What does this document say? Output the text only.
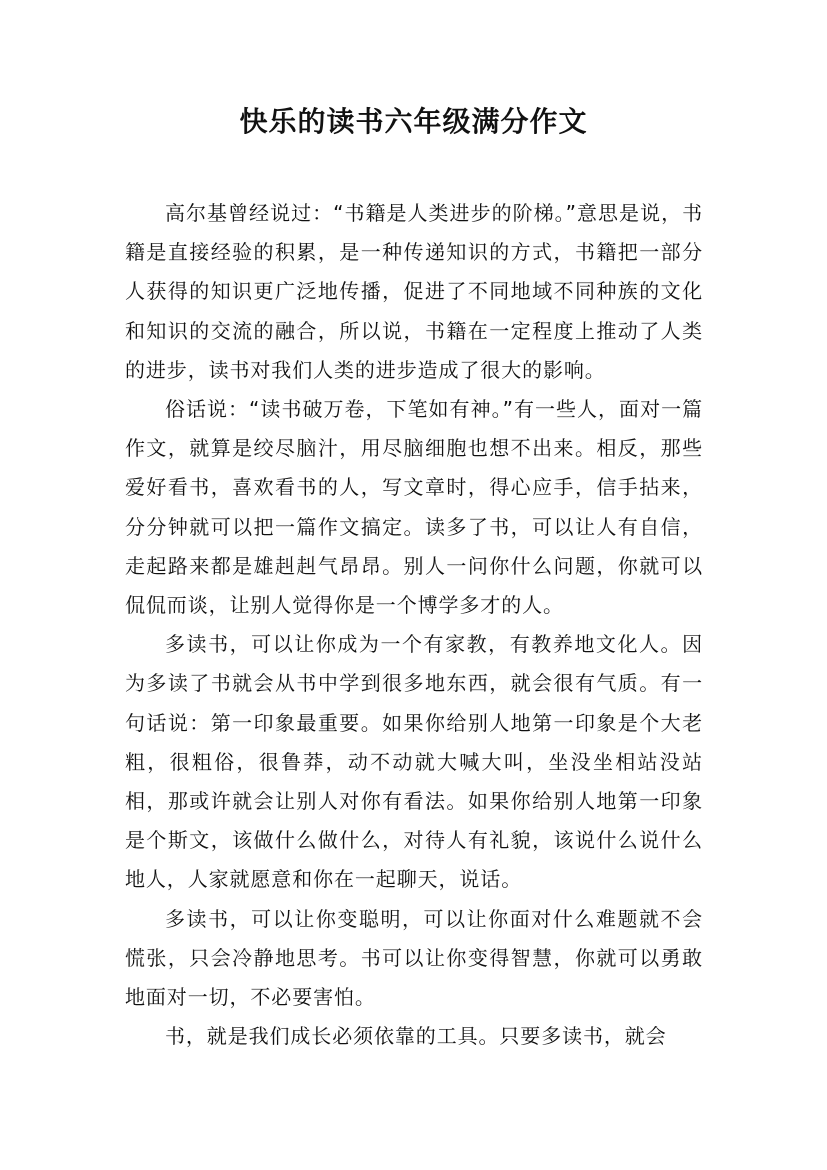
快乐的读书六年级满分作文

高尔基曾经说过：“书籍是人类进步的阶梯。”意思是说，书籍是直接经验的积累，是一种传递知识的方式，书籍把一部分人获得的知识更广泛地传播，促进了不同地域不同种族的文化和知识的交流的融合，所以说，书籍在一定程度上推动了人类的进步，读书对我们人类的进步造成了很大的影响。

俗话说：“读书破万卷，下笔如有神。”有一些人，面对一篇作文，就算是绞尽脑汁，用尽脑细胞也想不出来。相反，那些爱好看书，喜欢看书的人，写文章时，得心应手，信手拈来，分分钟就可以把一篇作文搞定。读多了书，可以让人有自信，走起路来都是雄赳赳气昂昂。别人一问你什么问题，你就可以侃侃而谈，让别人觉得你是一个博学多才的人。

多读书，可以让你成为一个有家教，有教养地文化人。因为多读了书就会从书中学到很多地东西，就会很有气质。有一句话说：第一印象最重要。如果你给别人地第一印象是个大老粗，很粗俗，很鲁莽，动不动就大喊大叫，坐没坐相站没站相，那或许就会让别人对你有看法。如果你给别人地第一印象是个斯文，该做什么做什么，对待人有礼貌，该说什么说什么地人，人家就愿意和你在一起聊天，说话。

多读书，可以让你变聪明，可以让你面对什么难题就不会慌张，只会冷静地思考。书可以让你变得智慧，你就可以勇敢地面对一切，不必要害怕。

书，就是我们成长必须依靠的工具。只要多读书，就会
